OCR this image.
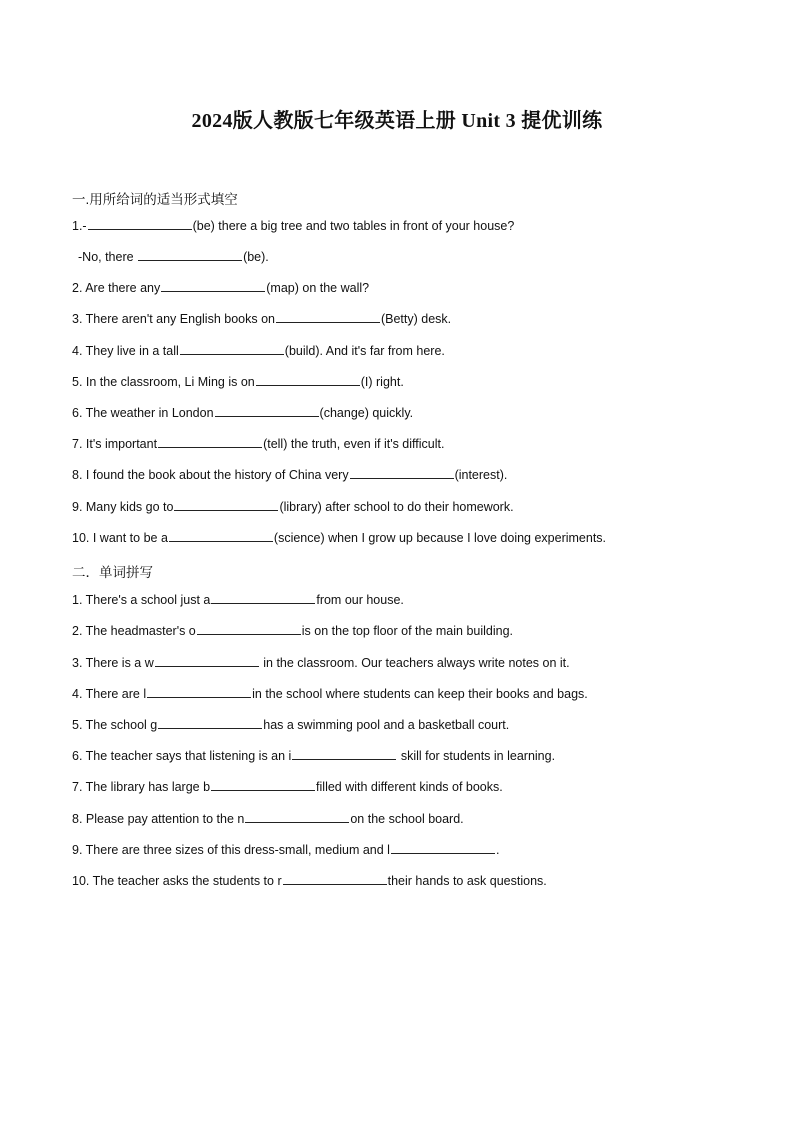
2024版人教版七年级英语上册 Unit 3 提优训练
一.用所给词的适当形式填空
1.-	(be) there a big tree and two tables in front of your house?
-No, there	(be).
2. Are there any	(map) on the wall?
3. There aren't any English books on	(Betty) desk.
4. They live in a tall	(build). And it's far from here.
5. In the classroom, Li Ming is on	(I) right.
6. The weather in London	(change) quickly.
7. It's important	(tell) the truth, even if it's difficult.
8. I found the book about the history of China very	(interest).
9. Many kids go to	(library) after school to do their homework.
10. I want to be a	(science) when I grow up because I love doing experiments.
二．单词拼写
1. There's a school just a	from our house.
2. The headmaster's o	is on the top floor of the main building.
3. There is a w	in the classroom. Our teachers always write notes on it.
4. There are l	in the school where students can keep their books and bags.
5. The school g	has a swimming pool and a basketball court.
6. The teacher says that listening is an i	skill for students in learning.
7. The library has large b	filled with different kinds of books.
8. Please pay attention to the n	on the school board.
9. There are three sizes of this dress-small, medium and l	.
10. The teacher asks the students to r	their hands to ask questions.
